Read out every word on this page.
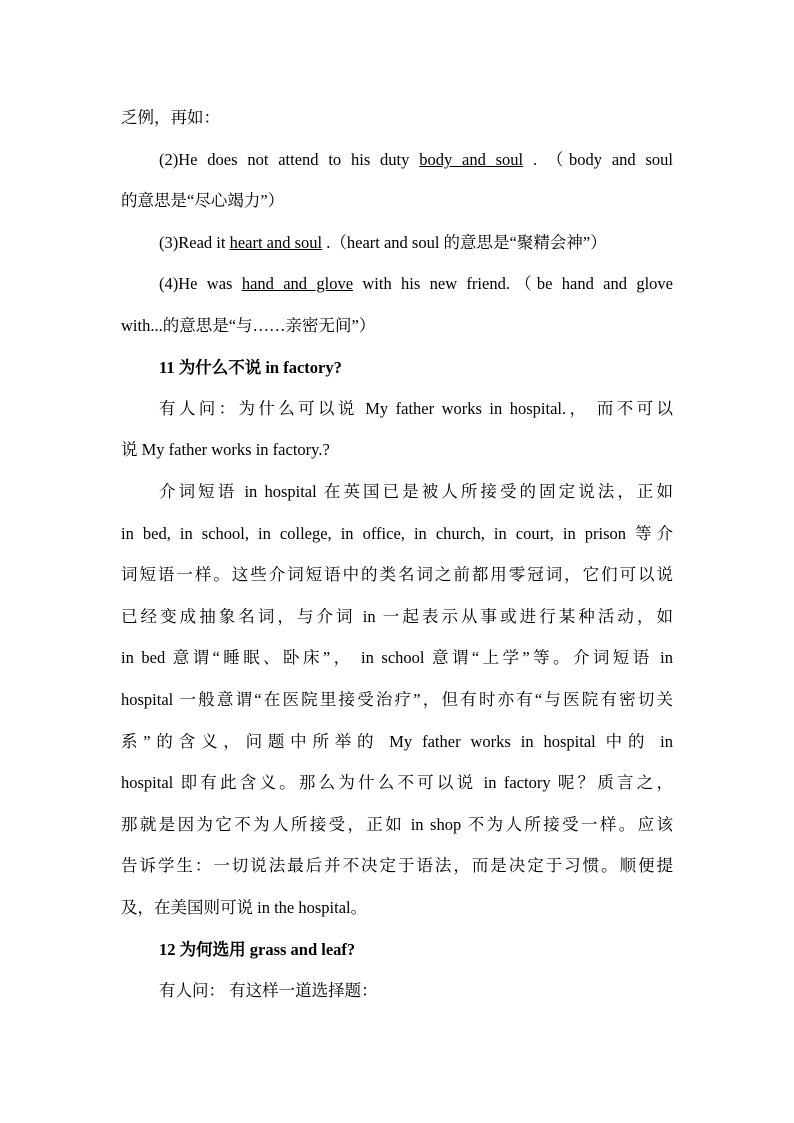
乏例，再如：
(2)He does not attend to his duty body and soul . （body and soul
的意思是“尽心竭力”）
(3)Read it heart and soul .（heart and soul 的意思是“聚精会神”）
(4)He was hand and glove with his new friend.（be hand and glove
with...的意思是“与……亲密无间”）
11 为什么不说 in factory?
有人问：为什么可以说 My father works in hospital.， 而不可以
说 My father works in factory.?
介词短语 in hospital 在英国已是被人所接受的固定说法，正如
in bed, in school, in college, in office, in church, in court, in prison 等介
词短语一样。这些介词短语中的类名词之前都用零冠词，它们可以说
已经变成抽象名词，与介词 in 一起表示从事或进行某种活动，如
in bed 意谓“睡眠、卧床”， in school 意谓“上学”等。介词短语 in
hospital 一般意谓“在医院里接受治疗”，但有时亦有“与医院有密切关
系”的含义，问题中所举的 My father works in hospital 中的 in
hospital 即有此含义。那么为什么不可以说 in factory 呢？质言之，
那就是因为它不为人所接受，正如 in shop 不为人所接受一样。应该
告诉学生：一切说法最后并不决定于语法，而是决定于习惯。顺便提
及，在美国则可说 in the hospital。
12 为何选用 grass and leaf?
有人问： 有这样一道选择题：
